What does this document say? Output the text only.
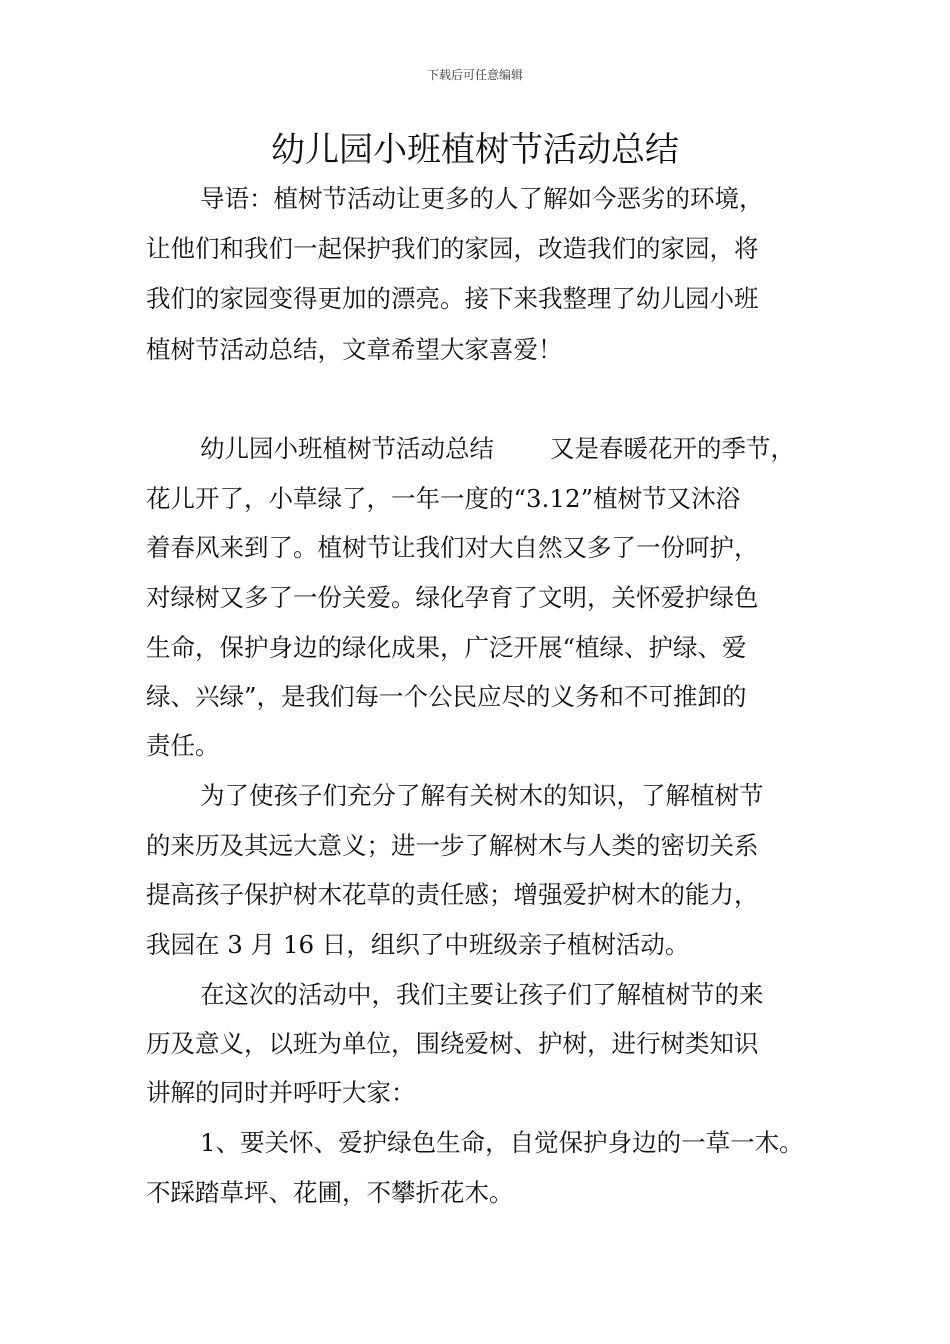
下载后可任意编辑
幼儿园小班植树节活动总结
导语：植树节活动让更多的人了解如今恶劣的环境，
让他们和我们一起保护我们的家园，改造我们的家园，将
我们的家园变得更加的漂亮。接下来我整理了幼儿园小班
植树节活动总结，文章希望大家喜爱！
幼儿园小班植树节活动总结 又是春暖花开的季节，
花儿开了，小草绿了，一年一度的“3.12”植树节又沐浴
着春风来到了。植树节让我们对大自然又多了一份呵护，
对绿树又多了一份关爱。绿化孕育了文明，关怀爱护绿色
生命，保护身边的绿化成果，广泛开展“植绿、护绿、爱
绿、兴绿”，是我们每一个公民应尽的义务和不可推卸的
责任。
为了使孩子们充分了解有关树木的知识，了解植树节
的来历及其远大意义；进一步了解树木与人类的密切关系
提高孩子保护树木花草的责任感；增强爱护树木的能力，
我园在 3 月 16 日，组织了中班级亲子植树活动。
在这次的活动中，我们主要让孩子们了解植树节的来
历及意义，以班为单位，围绕爱树、护树，进行树类知识
讲解的同时并呼吁大家：
1、要关怀、爱护绿色生命，自觉保护身边的一草一木。
不踩踏草坪、花圃，不攀折花木。
